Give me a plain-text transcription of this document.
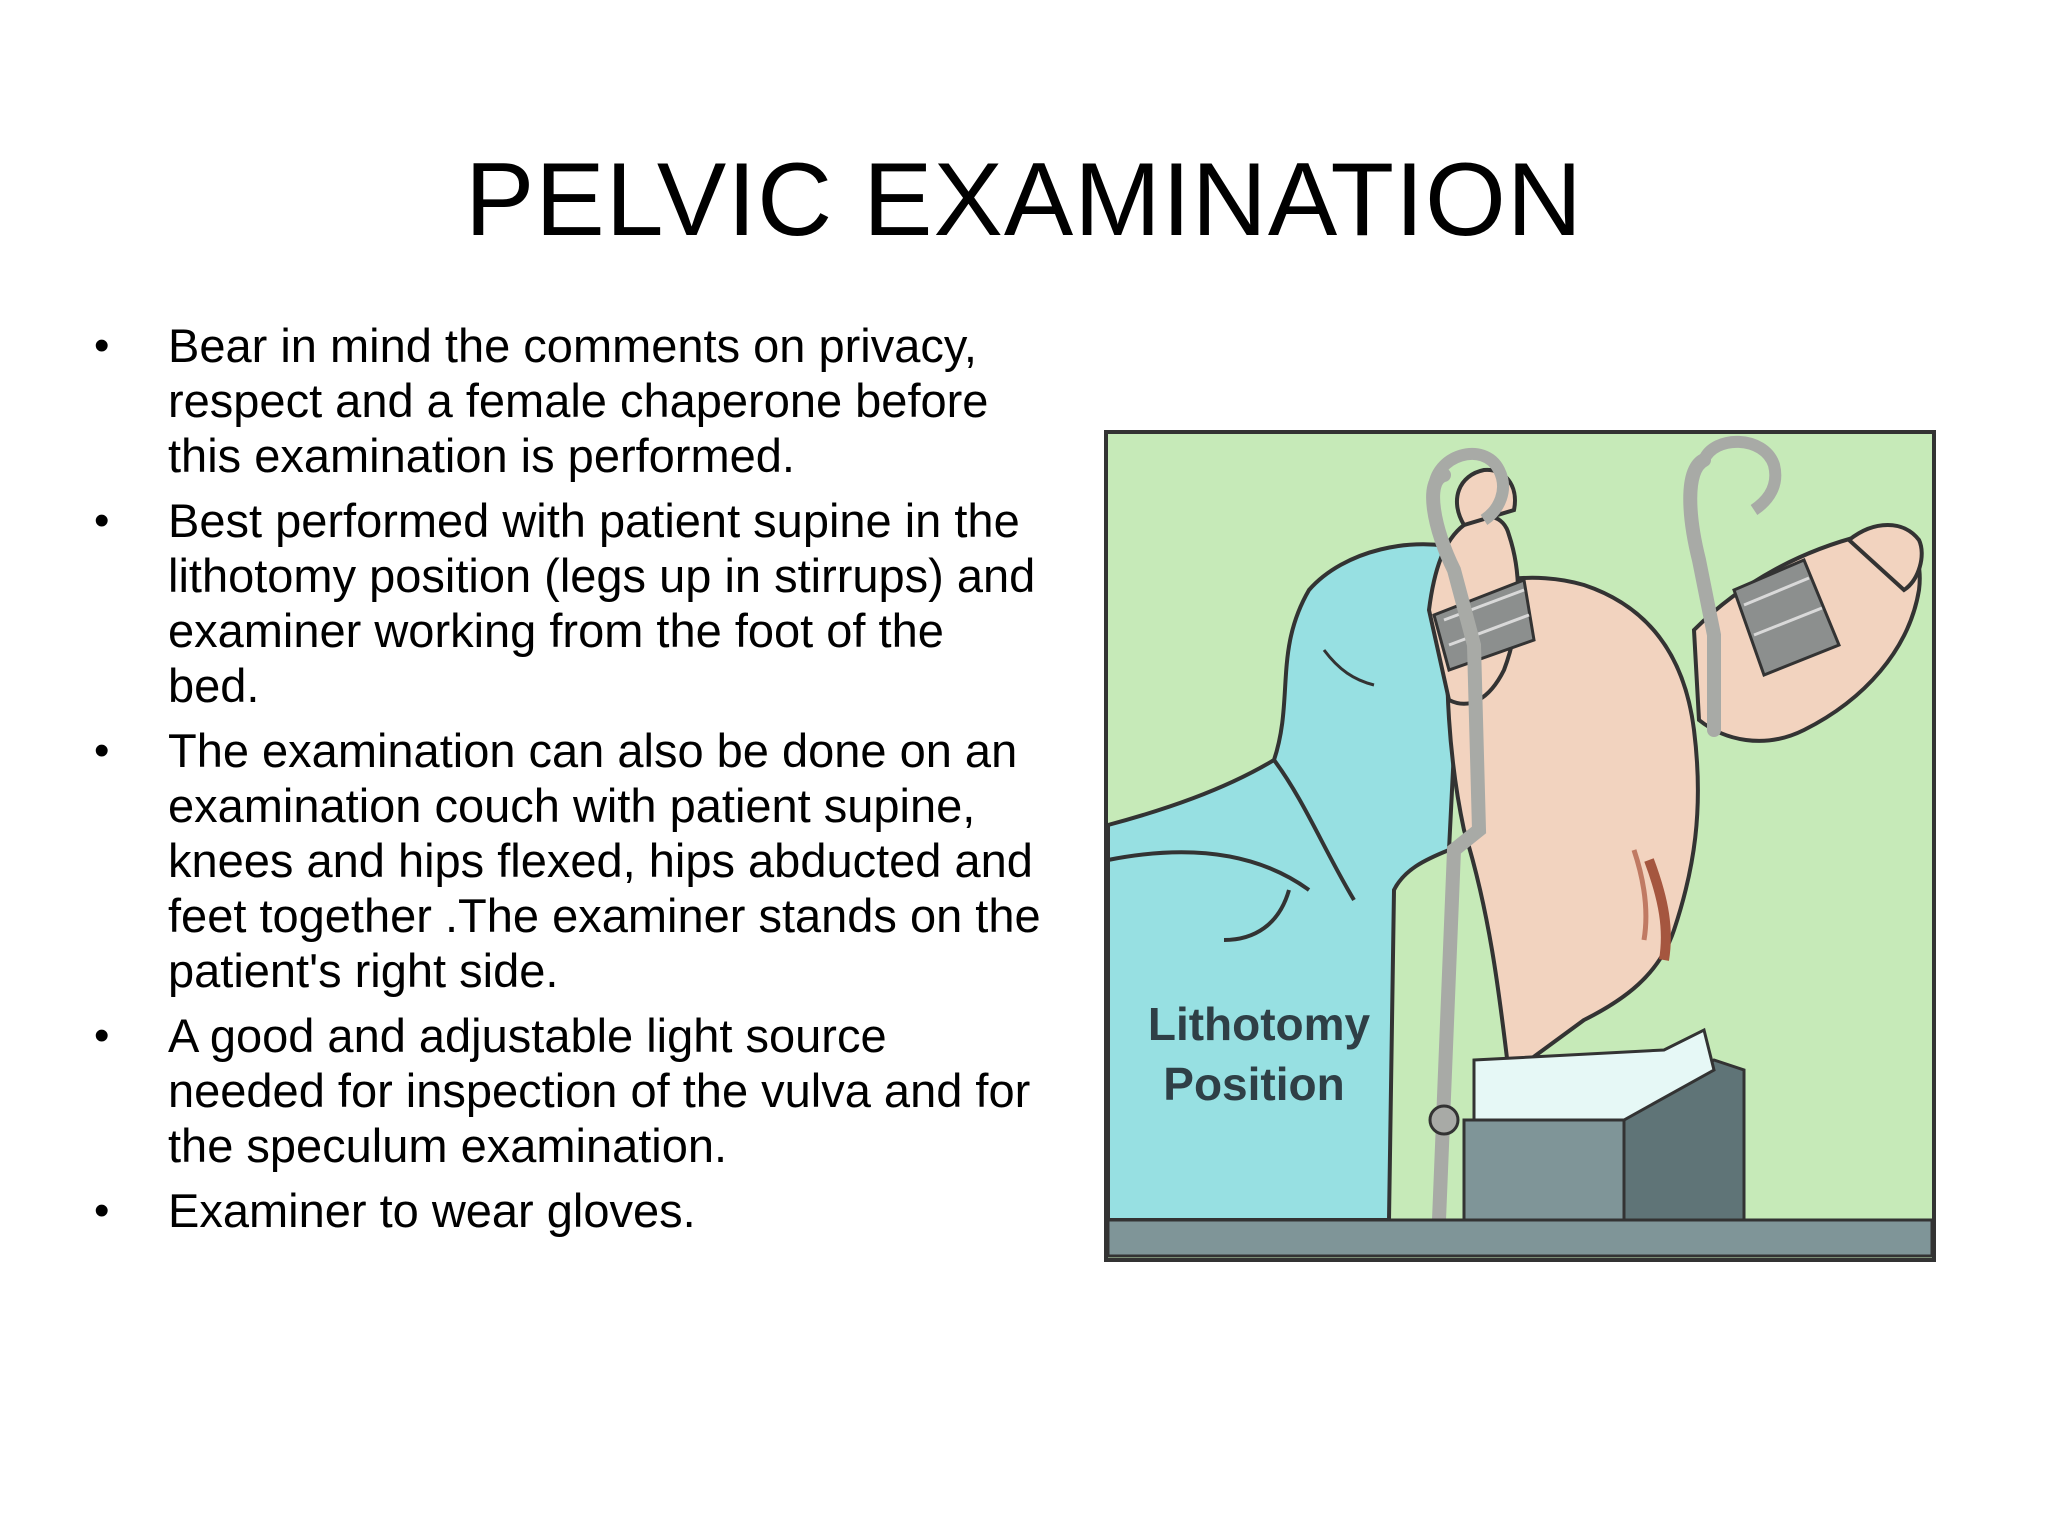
PELVIC EXAMINATION
• Bear in mind the comments on privacy, respect and a female chaperone before this examination is performed.
• Best performed with patient supine in the lithotomy position (legs up in stirrups) and examiner working from the foot of the bed.
• The examination can also be done on an examination couch with patient supine, knees and hips flexed, hips abducted and feet together .The examiner stands on the patient's right side.
• A good and adjustable light source needed for inspection of the vulva and for the speculum examination.
• Examiner to wear gloves.
Lithotomy
Position
